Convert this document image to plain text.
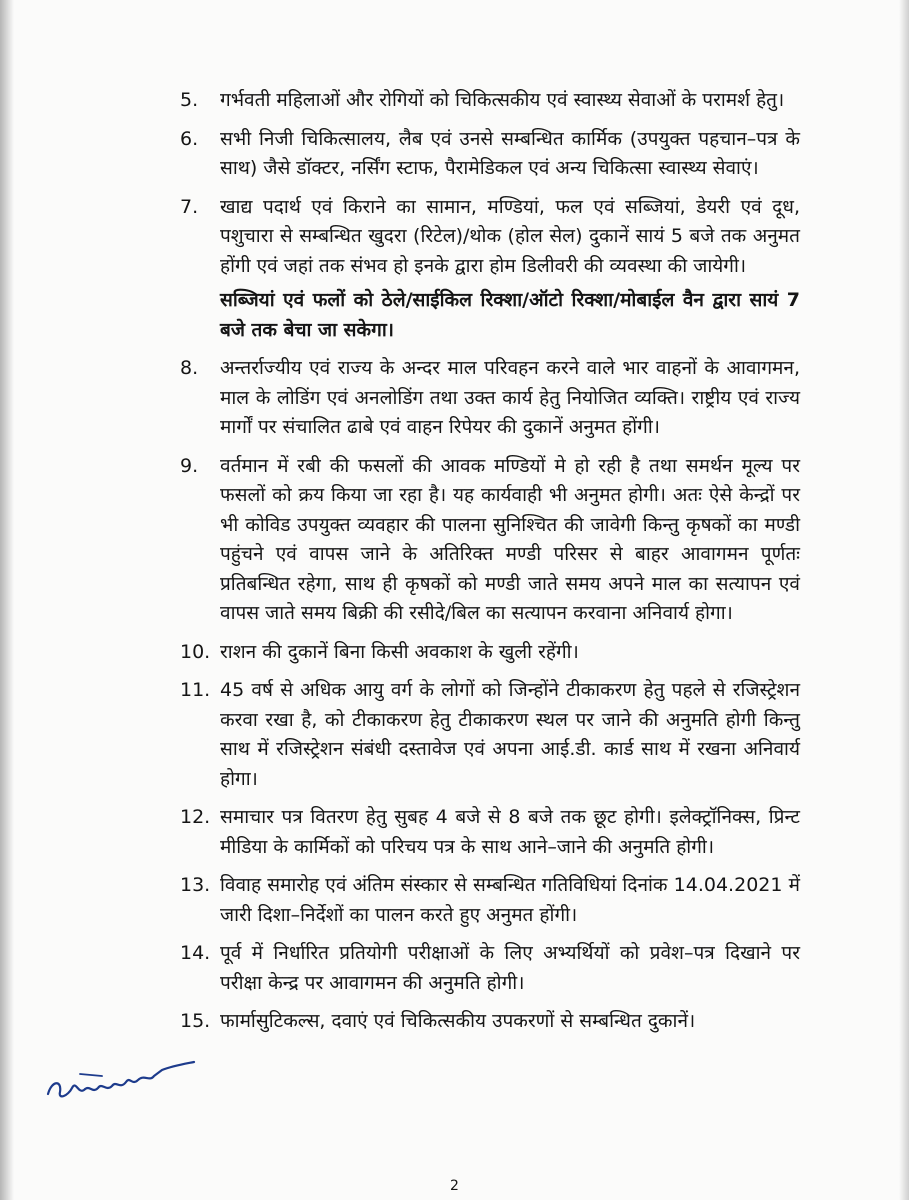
5.	गर्भवती महिलाओं और रोगियों को चिकित्सकीय एवं स्वास्थ्य सेवाओं के परामर्श हेतु।
6.	सभी निजी चिकित्सालय, लैब एवं उनसे सम्बन्धित कार्मिक (उपयुक्त पहचान–पत्र के साथ) जैसे डॉक्टर, नर्सिंग स्टाफ, पैरामेडिकल एवं अन्य चिकित्सा स्वास्थ्य सेवाएं।
7.	खाद्य पदार्थ एवं किराने का सामान, मण्डियां, फल एवं सब्जियां, डेयरी एवं दूध, पशुचारा से सम्बन्धित खुदरा (रिटेल)/थोक (होल सेल) दुकानें सायं 5 बजे तक अनुमत होंगी एवं जहां तक संभव हो इनके द्वारा होम डिलीवरी की व्यवस्था की जायेगी।
सब्जियां एवं फलों को ठेले/साईकिल रिक्शा/ऑटो रिक्शा/मोबाईल वैन द्वारा सायं 7 बजे तक बेचा जा सकेगा।
8.	अन्तर्राज्यीय एवं राज्य के अन्दर माल परिवहन करने वाले भार वाहनों के आवागमन, माल के लोडिंग एवं अनलोडिंग तथा उक्त कार्य हेतु नियोजित व्यक्ति। राष्ट्रीय एवं राज्य मार्गों पर संचालित ढाबे एवं वाहन रिपेयर की दुकानें अनुमत होंगी।
9.	वर्तमान में रबी की फसलों की आवक मण्डियों मे हो रही है तथा समर्थन मूल्य पर फसलों को क्रय किया जा रहा है। यह कार्यवाही भी अनुमत होगी। अतः ऐसे केन्द्रों पर भी कोविड उपयुक्त व्यवहार की पालना सुनिश्चित की जावेगी किन्तु कृषकों का मण्डी पहुंचने एवं वापस जाने के अतिरिक्त मण्डी परिसर से बाहर आवागमन पूर्णतः प्रतिबन्धित रहेगा, साथ ही कृषकों को मण्डी जाते समय अपने माल का सत्यापन एवं वापस जाते समय बिक्री की रसीदे/बिल का सत्यापन करवाना अनिवार्य होगा।
10. राशन की दुकानें बिना किसी अवकाश के खुली रहेंगी।
11. 45 वर्ष से अधिक आयु वर्ग के लोगों को जिन्होंने टीकाकरण हेतु पहले से रजिस्ट्रेशन करवा रखा है, को टीकाकरण हेतु टीकाकरण स्थल पर जाने की अनुमति होगी किन्तु साथ में रजिस्ट्रेशन संबंधी दस्तावेज एवं अपना आई.डी. कार्ड साथ में रखना अनिवार्य होगा।
12. समाचार पत्र वितरण हेतु सुबह 4 बजे से 8 बजे तक छूट होगी। इलेक्ट्रॉनिक्स, प्रिन्ट मीडिया के कार्मिकों को परिचय पत्र के साथ आने–जाने की अनुमति होगी।
13. विवाह समारोह एवं अंतिम संस्कार से सम्बन्धित गतिविधियां दिनांक 14.04.2021 में जारी दिशा–निर्देशों का पालन करते हुए अनुमत होंगी।
14. पूर्व में निर्धारित प्रतियोगी परीक्षाओं के लिए अभ्यर्थियों को प्रवेश–पत्र दिखाने पर परीक्षा केन्द्र पर आवागमन की अनुमति होगी।
15. फार्मासुटिकल्स, दवाएं एवं चिकित्सकीय उपकरणों से सम्बन्धित दुकानें।
2
